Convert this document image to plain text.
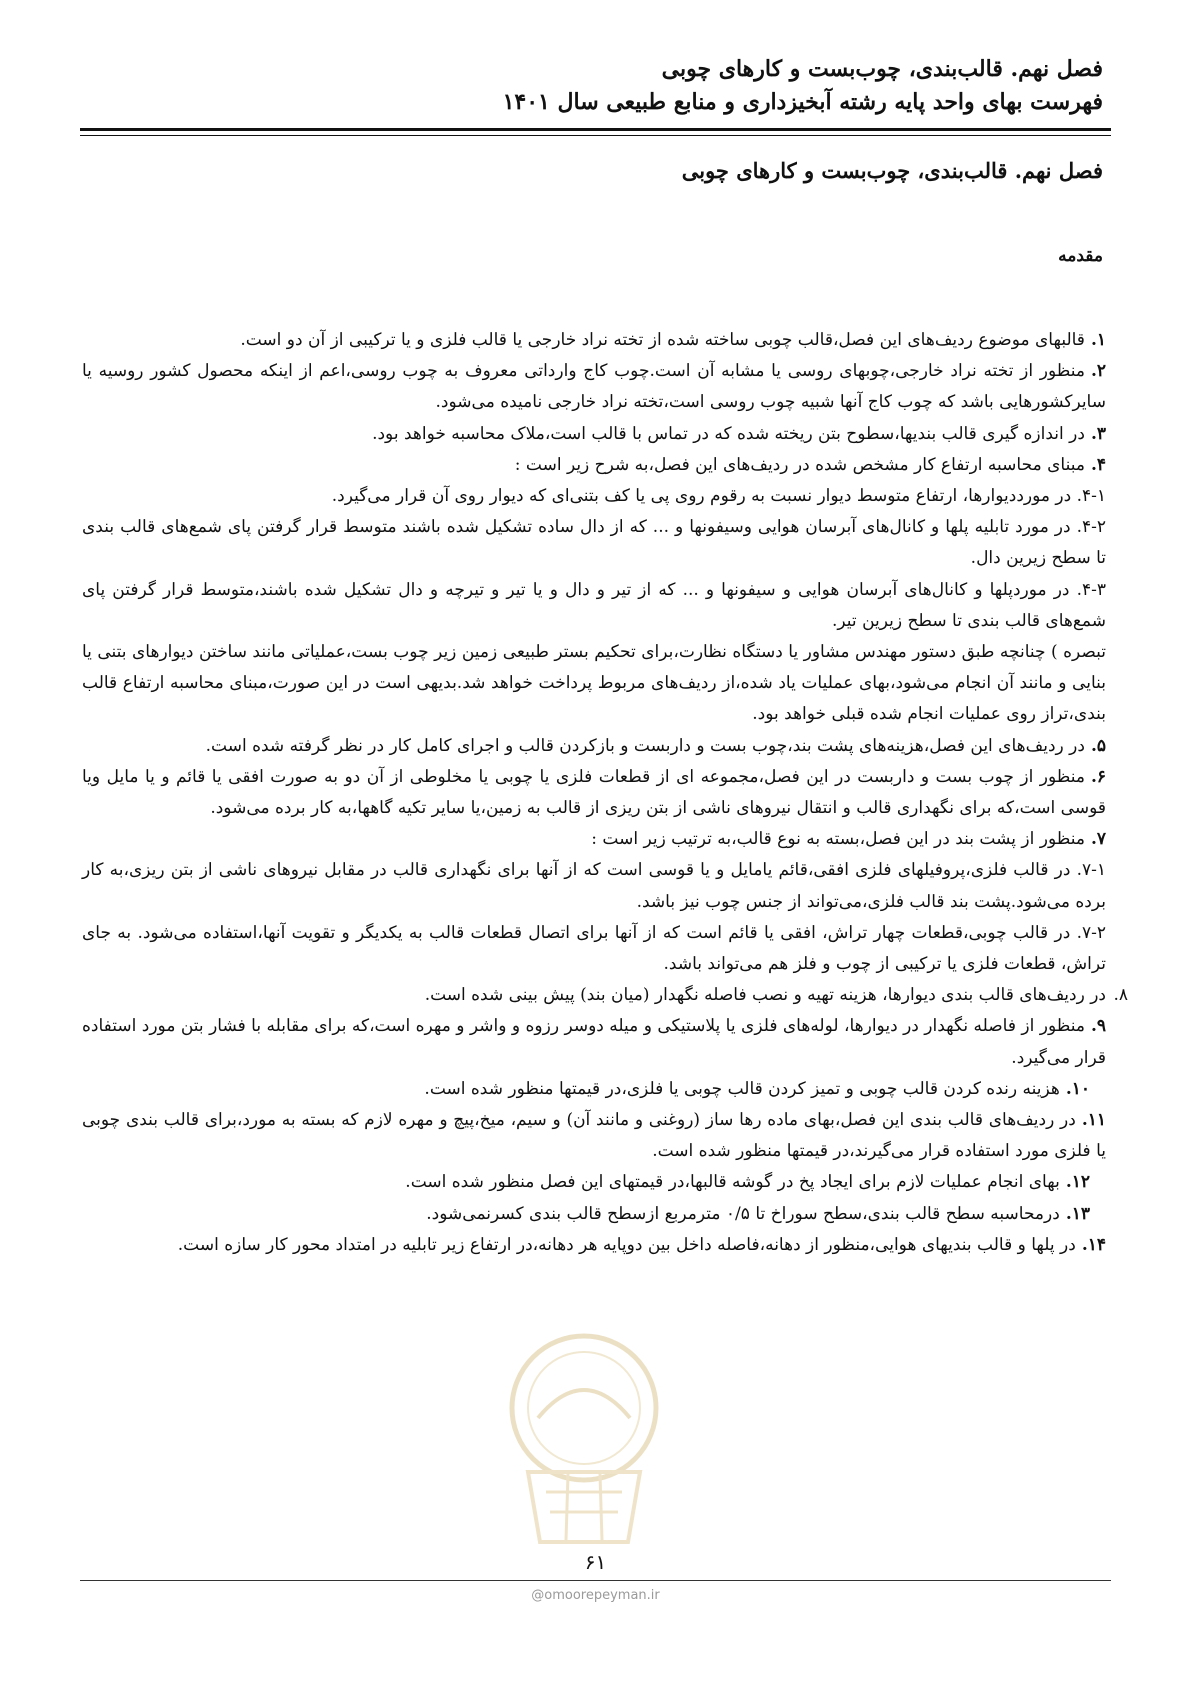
فصل نهم. قالب‌بندی، چوب‌بست و کارهای چوبی
فهرست بهای واحد پایه رشته آبخیزداری و منابع طبیعی سال ۱۴۰۱
فصل نهم. قالب‌بندی، چوب‌بست و کارهای چوبی
مقدمه

۱.قالبهای موضوع ردیف‌های این فصل،قالب چوبی ساخته شده از تخته نراد خارجی یا قالب فلزی و یا ترکیبی از آن دو است.

۲.منظور از تخته نراد خارجی،چوبهای روسی یا مشابه آن است.چوب کاج وارداتی معروف به چوب روسی،اعم از اینکه محصول کشور روسیه یا سایرکشورهایی باشد که چوب کاج آنها شبیه چوب روسی است،تخته نراد خارجی نامیده می‌شود.

۳.در اندازه گیری قالب بندیها،سطوح بتن ریخته شده که در تماس با قالب است،ملاک محاسبه خواهد بود.

۴.مبنای محاسبه ارتفاع کار مشخص شده در ردیف‌های این فصل،به شرح زیر است :

۴-۱. در مورددیوارها، ارتفاع متوسط دیوار نسبت به رقوم روی پی یا کف بتنی‌ای که دیوار روی آن قرار می‌گیرد.

۴-۲. در مورد تابلیه پلها و کانال‌های آبرسان هوایی وسیفونها و ... که از دال ساده تشکیل شده باشند متوسط قرار گرفتن پای شمع‌های قالب بندی تا سطح زیرین دال.

۴-۳. در موردپلها و کانال‌های آبرسان هوایی و سیفونها و ... که از تیر و دال و یا تیر و تیرچه و دال تشکیل شده باشند،متوسط قرار گرفتن پای شمع‌های قالب بندی تا سطح زیرین تیر.

تبصره ) چنانچه طبق دستور مهندس مشاور یا دستگاه نظارت،برای تحکیم بستر طبیعی زمین زیر چوب بست،عملیاتی مانند ساختن دیوارهای بتنی یا بنایی و مانند آن انجام می‌شود،بهای عملیات یاد شده،از ردیف‌های مربوط پرداخت خواهد شد.بدیهی است در این صورت،مبنای محاسبه ارتفاع قالب بندی،تراز روی عملیات انجام شده قبلی خواهد بود.

۵.در ردیف‌های این فصل،هزینه‌های پشت بند،چوب بست و داربست و بازکردن قالب و اجرای کامل کار در نظر گرفته شده است.

۶.منظور از چوب بست و داربست در این فصل،مجموعه ای از قطعات فلزی یا چوبی یا مخلوطی از آن دو به صورت افقی یا قائم و یا مایل ویا قوسی است،که برای نگهداری قالب و انتقال نیروهای ناشی از بتن ریزی از قالب به زمین،یا سایر تکیه گاهها،به کار برده می‌شود.

۷.منظور از پشت بند در این فصل،بسته به نوع قالب،به ترتیب زیر است :

۷-۱. در قالب فلزی،پروفیلهای فلزی افقی،قائم یامایل و یا قوسی است که از آنها برای نگهداری قالب در مقابل نیروهای ناشی از بتن ریزی،به کار برده می‌شود.پشت بند قالب فلزی،می‌تواند از جنس چوب نیز باشد.

۷-۲. در قالب چوبی،قطعات چهار تراش، افقی یا قائم است که از آنها برای اتصال قطعات قالب به یکدیگر و تقویت آنها،استفاده می‌شود. به جای تراش، قطعات فلزی یا ترکیبی از چوب و فلز هم می‌تواند باشد.

۸.
در ردیف‌های قالب بندی دیوارها، هزینه تهیه و نصب فاصله نگهدار (میان بند) پیش بینی شده است.

۹.منظور از فاصله نگهدار در دیوارها، لوله‌های فلزی یا پلاستیکی و میله دوسر رزوه و واشر و مهره است،که برای مقابله با فشار بتن مورد استفاده قرار می‌گیرد.

۱۰.هزینه رنده کردن قالب چوبی و تمیز کردن قالب چوبی یا فلزی،در قیمتها منظور شده است.

۱۱.در ردیف‌های قالب بندی این فصل،بهای ماده رها ساز (روغنی و مانند آن) و سیم، میخ،پیچ و مهره لازم که بسته به مورد،برای قالب بندی چوبی یا فلزی مورد استفاده قرار می‌گیرند،در قیمتها منظور شده است.

۱۲.بهای انجام عملیات لازم برای ایجاد پخ در گوشه قالبها،در قیمتهای این فصل منظور شده است.

۱۳.درمحاسبه سطح قالب بندی،سطح سوراخ تا ۰/۵ مترمربع ازسطح قالب بندی کسرنمی‌شود.

۱۴.در پلها و قالب بندیهای هوایی،منظور از دهانه،فاصله داخل بین دوپایه هر دهانه،در ارتفاع زیر تابلیه در امتداد محور کار سازه است.

۶۱
@omoorepeyman.ir
